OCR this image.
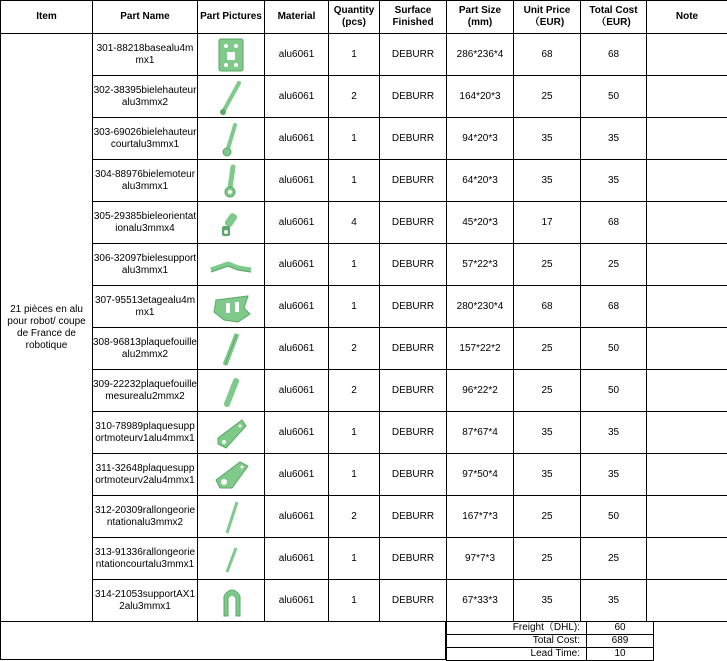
Item	Part Name	Part Pictures	Material	Quantity (pcs)	Surface Finished	Part Size (mm)	Unit Price （EUR)	Total Cost （EUR)	Note
21 pièces en alu pour robot/ coupe de France de robotique	301-88218basealu4mmx1		alu6061	1	DEBURR	286*236*4	68	68	
	302-38395bielehauteuralu3mmx2		alu6061	2	DEBURR	164*20*3	25	50	
	303-69026bielehauteurcourtalu3mmx1		alu6061	1	DEBURR	94*20*3	35	35	
	304-88976bielemoteuralu3mmx1		alu6061	1	DEBURR	64*20*3	35	35	
	305-29385bieleorientationalu3mmx4		alu6061	4	DEBURR	45*20*3	17	68	
	306-32097bielesupportalu3mmx1		alu6061	1	DEBURR	57*22*3	25	25	
	307-95513etagealu4mmx1		alu6061	1	DEBURR	280*230*4	68	68	
	308-96813plaquefouillealu2mmx2		alu6061	2	DEBURR	157*22*2	25	50	
	309-22232plaquefouillemesurealu2mmx2		alu6061	2	DEBURR	96*22*2	25	50	
	310-78989plaquesupportmoteurv1alu4mmx1		alu6061	1	DEBURR	87*67*4	35	35	
	311-32648plaquesupportmoteurv2alu4mmx1		alu6061	1	DEBURR	97*50*4	35	35	
	312-20309rallongeorientationalu3mmx2		alu6061	2	DEBURR	167*7*3	25	50	
	313-91336rallongeorientationcourtalu3mmx1		alu6061	1	DEBURR	97*7*3	25	25	
	314-21053supportAX12alu3mmx1		alu6061	1	DEBURR	67*33*3	35	35	
Freight（DHL):	60
Total Cost:	689
Lead Time:	10
